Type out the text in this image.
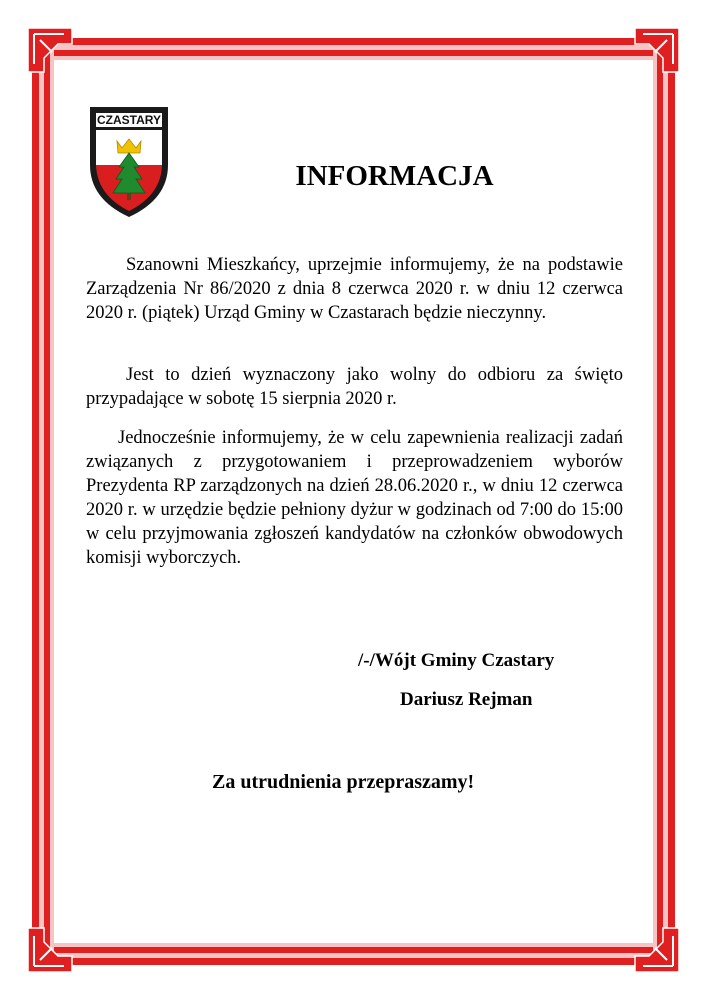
CZASTARY
INFORMACJA

Szanowni Mieszkańcy, uprzejmie informujemy, że na podstawie Zarządzenia Nr 86/2020 z dnia 8 czerwca 2020 r. w dniu 12 czerwca 2020 r. (piątek) Urząd Gminy w Czastarach będzie nieczynny.

Jest to dzień wyznaczony jako wolny do odbioru za święto przypadające w sobotę 15 sierpnia 2020 r.

Jednocześnie informujemy, że w celu zapewnienia realizacji zadań związanych z przygotowaniem i przeprowadzeniem wyborów Prezydenta RP zarządzonych na dzień 28.06.2020 r., w dniu 12 czerwca 2020 r. w urzędzie będzie pełniony dyżur w godzinach od 7:00 do 15:00 w celu przyjmowania zgłoszeń kandydatów na członków obwodowych komisji wyborczych.

/-/Wójt Gminy Czastary
Dariusz Rejman
Za utrudnienia przepraszamy!
